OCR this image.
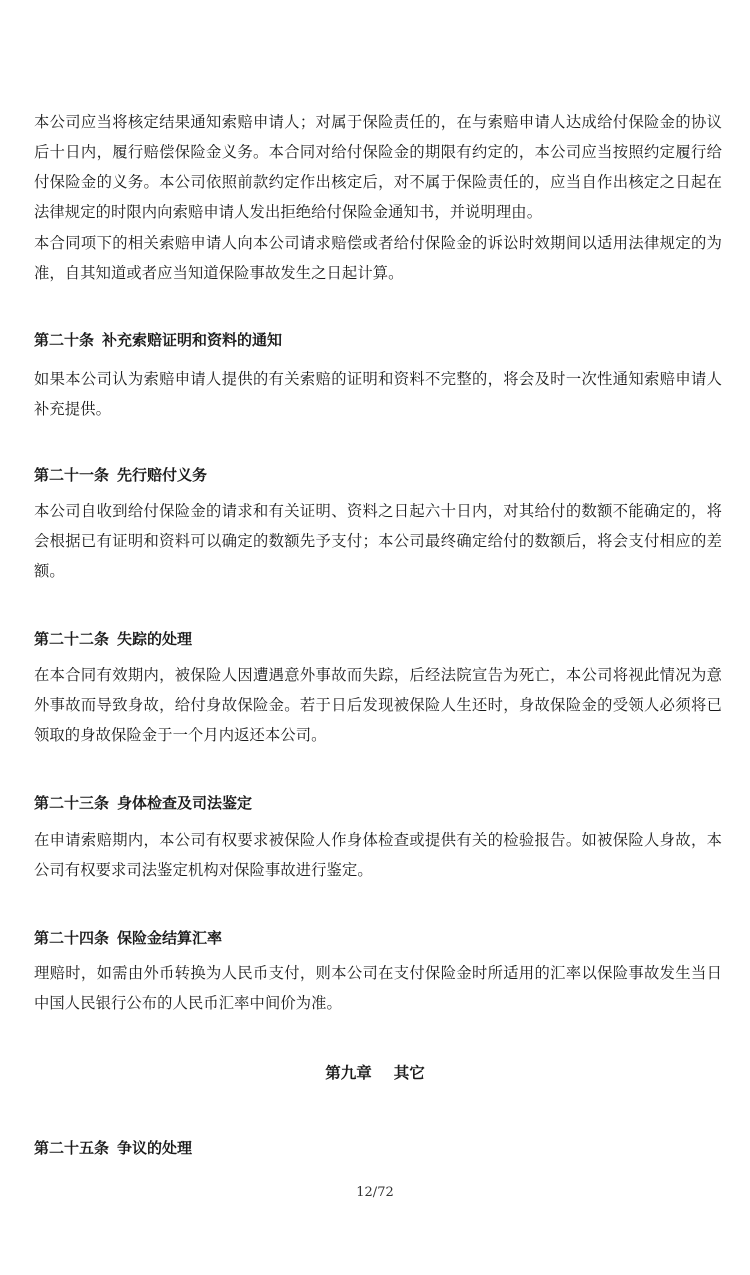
本公司应当将核定结果通知索赔申请人；对属于保险责任的，在与索赔申请人达成给付保险金的协议后十日内，履行赔偿保险金义务。本合同对给付保险金的期限有约定的，本公司应当按照约定履行给付保险金的义务。本公司依照前款约定作出核定后，对不属于保险责任的，应当自作出核定之日起在法律规定的时限内向索赔申请人发出拒绝给付保险金通知书，并说明理由。

本合同项下的相关索赔申请人向本公司请求赔偿或者给付保险金的诉讼时效期间以适用法律规定的为准，自其知道或者应当知道保险事故发生之日起计算。

第二十条 补充索赔证明和资料的通知

如果本公司认为索赔申请人提供的有关索赔的证明和资料不完整的，将会及时一次性通知索赔申请人补充提供。

第二十一条 先行赔付义务

本公司自收到给付保险金的请求和有关证明、资料之日起六十日内，对其给付的数额不能确定的，将会根据已有证明和资料可以确定的数额先予支付；本公司最终确定给付的数额后，将会支付相应的差额。

第二十二条 失踪的处理

在本合同有效期内，被保险人因遭遇意外事故而失踪，后经法院宣告为死亡，本公司将视此情况为意外事故而导致身故，给付身故保险金。若于日后发现被保险人生还时，身故保险金的受领人必须将已领取的身故保险金于一个月内返还本公司。

第二十三条 身体检查及司法鉴定

在申请索赔期内，本公司有权要求被保险人作身体检查或提供有关的检验报告。如被保险人身故，本公司有权要求司法鉴定机构对保险事故进行鉴定。

第二十四条 保险金结算汇率

理赔时，如需由外币转换为人民币支付，则本公司在支付保险金时所适用的汇率以保险事故发生当日中国人民银行公布的人民币汇率中间价为准。

第九章 其它
第二十五条 争议的处理
12/72
